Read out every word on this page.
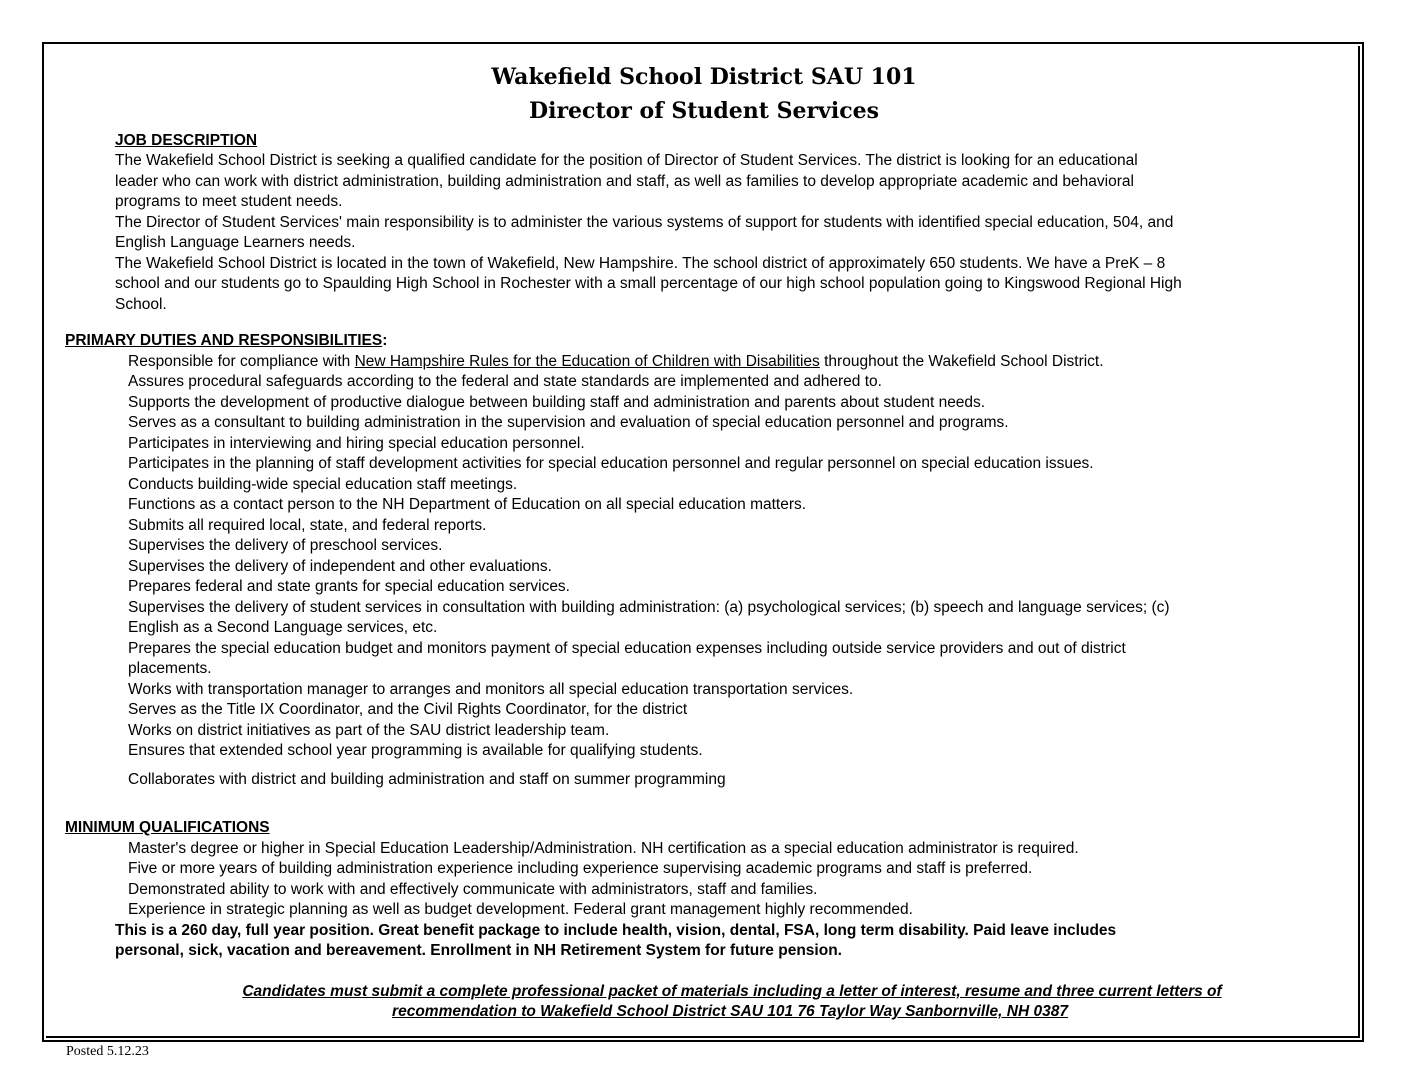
Wakefield School District SAU 101
Director of Student Services
JOB DESCRIPTION
The Wakefield School District is seeking a qualified candidate for the position of Director of Student Services. The district is looking for an educational
leader who can work with district administration, building administration and staff, as well as families to develop appropriate academic and behavioral
programs to meet student needs.
The Director of Student Services' main responsibility is to administer the various systems of support for students with identified special education, 504, and
English Language Learners needs.
The Wakefield School District is located in the town of Wakefield, New Hampshire. The school district of approximately 650 students. We have a PreK – 8
school and our students go to Spaulding High School in Rochester with a small percentage of our high school population going to Kingswood Regional High
School.
PRIMARY DUTIES AND RESPONSIBILITIES:
Responsible for compliance with New Hampshire Rules for the Education of Children with Disabilities throughout the Wakefield School District.
Assures procedural safeguards according to the federal and state standards are implemented and adhered to.
Supports the development of productive dialogue between building staff and administration and parents about student needs.
Serves as a consultant to building administration in the supervision and evaluation of special education personnel and programs.
Participates in interviewing and hiring special education personnel.
Participates in the planning of staff development activities for special education personnel and regular personnel on special education issues.
Conducts building-wide special education staff meetings.
Functions as a contact person to the NH Department of Education on all special education matters.
Submits all required local, state, and federal reports.
Supervises the delivery of preschool services.
Supervises the delivery of independent and other evaluations.
Prepares federal and state grants for special education services.
Supervises the delivery of student services in consultation with building administration: (a) psychological services; (b) speech and language services; (c)
English as a Second Language services, etc.
Prepares the special education budget and monitors payment of special education expenses including outside service providers and out of district
placements.
Works with transportation manager to arranges and monitors all special education transportation services.
Serves as the Title IX Coordinator, and the Civil Rights Coordinator, for the district
Works on district initiatives as part of the SAU district leadership team.
Ensures that extended school year programming is available for qualifying students.
Collaborates with district and building administration and staff on summer programming
MINIMUM QUALIFICATIONS
Master's degree or higher in Special Education Leadership/Administration. NH certification as a special education administrator is required.
Five or more years of building administration experience including experience supervising academic programs and staff is preferred.
Demonstrated ability to work with and effectively communicate with administrators, staff and families.
Experience in strategic planning as well as budget development. Federal grant management highly recommended.
This is a 260 day, full year position. Great benefit package to include health, vision, dental, FSA, long term disability. Paid leave includes
personal, sick, vacation and bereavement. Enrollment in NH Retirement System for future pension.
Candidates must submit a complete professional packet of materials including a letter of interest, resume and three current letters of
recommendation to Wakefield School District SAU 101 76 Taylor Way Sanbornville, NH 0387
Posted 5.12.23
